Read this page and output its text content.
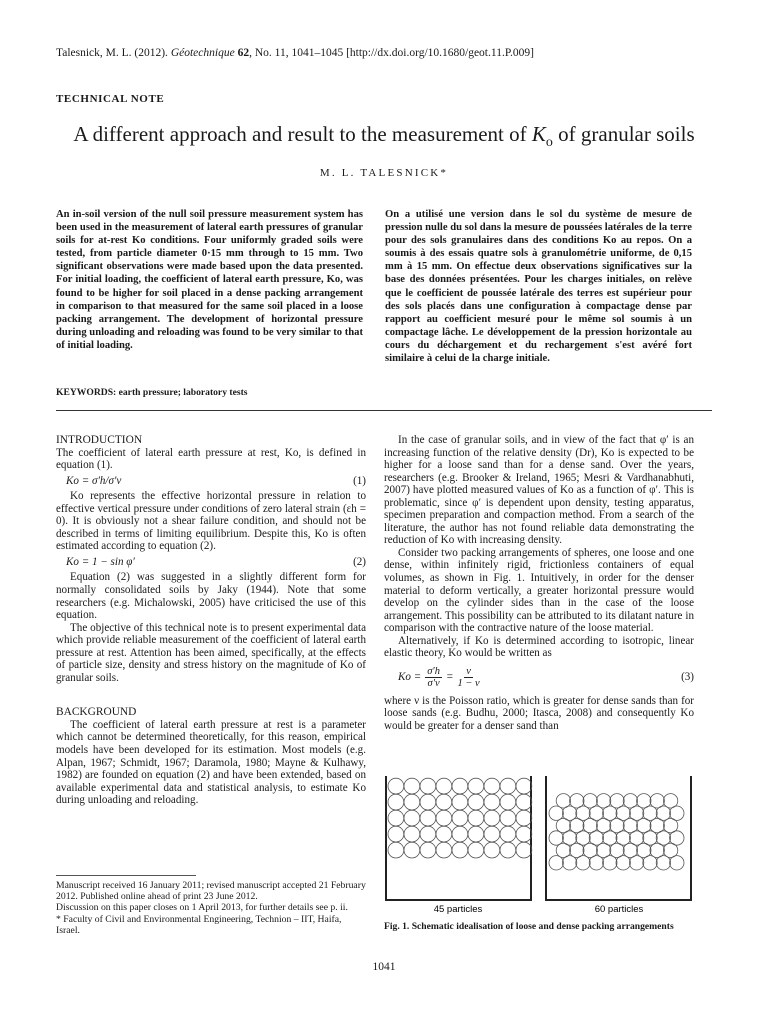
Talesnick, M. L. (2012). Géotechnique 62, No. 11, 1041–1045 [http://dx.doi.org/10.1680/geot.11.P.009]
TECHNICAL NOTE
A different approach and result to the measurement of $K_o$ of granular soils
M. L. TALESNICK*
An in-soil version of the null soil pressure measurement system has been used in the measurement of lateral earth pressures of granular soils for at-rest Ko conditions. Four uniformly graded soils were tested, from particle diameter 0·15 mm through to 15 mm. Two significant observations were made based upon the data presented. For initial loading, the coefficient of lateral earth pressure, Ko, was found to be higher for soil placed in a dense packing arrangement in comparison to that measured for the same soil placed in a loose packing arrangement. The development of horizontal pressure during unloading and reloading was found to be very similar to that of initial loading.
On a utilisé une version dans le sol du système de mesure de pression nulle du sol dans la mesure de poussées latérales de la terre pour des sols granulaires dans des conditions Ko au repos. On a soumis à des essais quatre sols à granulométrie uniforme, de 0,15 mm à 15 mm. On effectue deux observations significatives sur la base des données présentées. Pour les charges initiales, on relève que le coefficient de poussée latérale des terres est supérieur pour des sols placés dans une configuration à compactage dense par rapport au coefficient mesuré pour le même sol soumis à un compactage lâche. Le développement de la pression horizontale au cours du déchargement et du rechargement s'est avéré fort similaire à celui de la charge initiale.
KEYWORDS: earth pressure; laboratory tests
INTRODUCTION

The coefficient of lateral earth pressure at rest, Ko, is defined in equation (1).

Ko = σ′h/σ′v	(1)

Ko represents the effective horizontal pressure in relation to effective vertical pressure under conditions of zero lateral strain (εh = 0). It is obviously not a shear failure condition, and should not be described in terms of limiting equilibrium. Despite this, Ko is often estimated according to equation (2).

Ko = 1 − sin φ′	(2)

Equation (2) was suggested in a slightly different form for normally consolidated soils by Jaky (1944). Note that some researchers (e.g. Michalowski, 2005) have criticised the use of this equation.

The objective of this technical note is to present experimental data which provide reliable measurement of the coefficient of lateral earth pressure at rest. Attention has been aimed, specifically, at the effects of particle size, density and stress history on the magnitude of Ko of granular soils.

BACKGROUND

The coefficient of lateral earth pressure at rest is a parameter which cannot be determined theoretically, for this reason, empirical models have been developed for its estimation. Most models (e.g. Alpan, 1967; Schmidt, 1967; Daramola, 1980; Mayne & Kulhawy, 1982) are founded on equation (2) and have been extended, based on available experimental data and statistical analysis, to estimate Ko during unloading and reloading.

In the case of granular soils, and in view of the fact that φ′ is an increasing function of the relative density (Dr), Ko is expected to be higher for a loose sand than for a dense sand. Over the years, researchers (e.g. Brooker & Ireland, 1965; Mesri & Vardhanabhuti, 2007) have plotted measured values of Ko as a function of φ′. This is problematic, since φ′ is dependent upon density, testing apparatus, specimen preparation and compaction method. From a search of the literature, the author has not found reliable data demonstrating the reduction of Ko with increasing density.

Consider two packing arrangements of spheres, one loose and one dense, within infinitely rigid, frictionless containers of equal volumes, as shown in Fig. 1. Intuitively, in order for the denser material to deform vertically, a greater horizontal pressure would develop on the cylinder sides than in the case of the loose arrangement. This possibility can be attributed to its dilatant nature in comparison with the contractive nature of the loose material.

Alternatively, if Ko is determined according to isotropic, linear elastic theory, Ko would be written as

$Ko = \frac{\sigma'h}{\sigma'v} = \frac{\nu}{1 - \nu}$	(3)

where ν is the Poisson ratio, which is greater for dense sands than for loose sands (e.g. Budhu, 2000; Itasca, 2008) and consequently Ko would be greater for a denser sand than

45 particles	60 particles
Fig. 1. Schematic idealisation of loose and dense packing arrangements

Manuscript received 16 January 2011; revised manuscript accepted 21 February 2012. Published online ahead of print 23 June 2012.

Discussion on this paper closes on 1 April 2013, for further details see p. ii.

* Faculty of Civil and Environmental Engineering, Technion – IIT, Haifa, Israel.

1041
